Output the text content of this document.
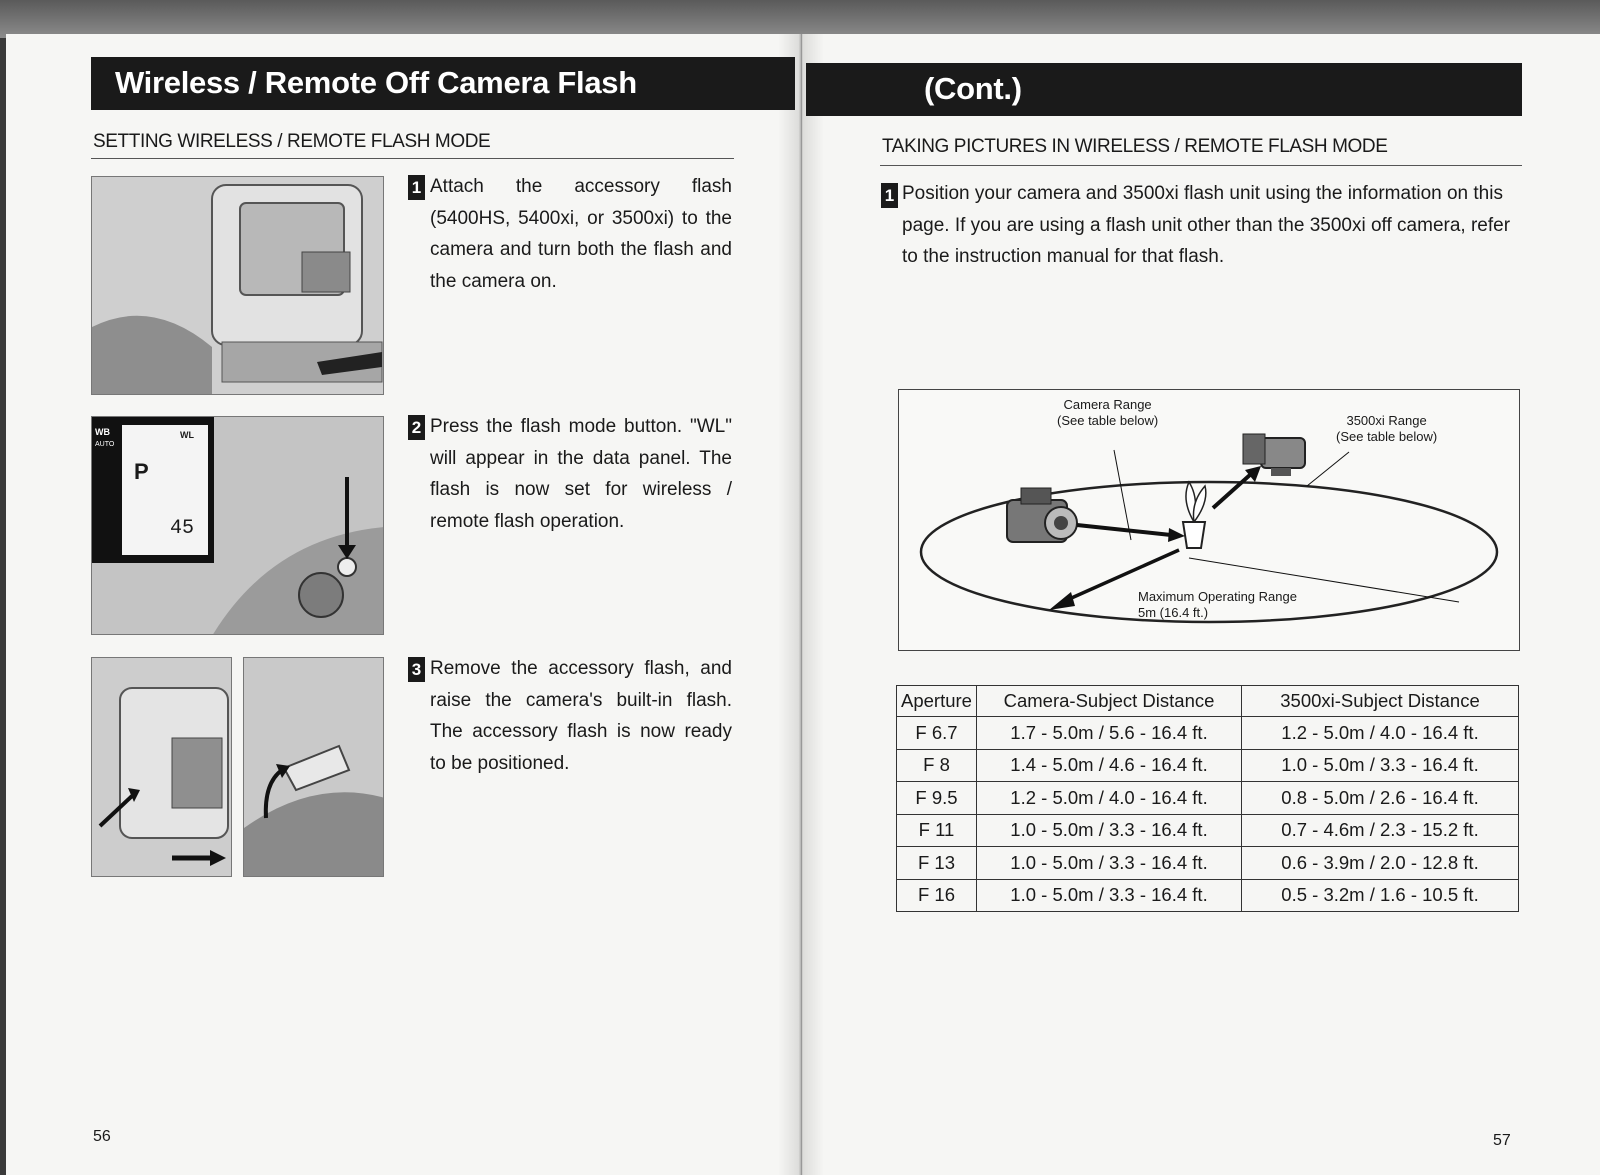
Wireless / Remote Off Camera Flash
SETTING WIRELESS / REMOTE FLASH MODE
WB
AUTO
WL
P
45
1 Attach the accessory flash (5400HS, 5400xi, or 3500xi) to the camera and turn both the flash and the camera on.
2 Press the flash mode button. "WL" will appear in the data panel. The flash is now set for wireless / remote flash operation.
3 Remove the accessory flash, and raise the camera's built-in flash. The accessory flash is now ready to be positioned.
56
(Cont.)
TAKING PICTURES IN WIRELESS / REMOTE FLASH MODE
1 Position your camera and 3500xi flash unit using the information on this page. If you are using a flash unit other than the 3500xi off camera, refer to the instruction manual for that flash.
Camera Range
(See table below)	3500xi Range
(See table below)
Maximum Operating Range
5m (16.4 ft.)
Aperture	Camera-Subject Distance	3500xi-Subject Distance
F 6.7	1.7 - 5.0m / 5.6 - 16.4 ft.	1.2 - 5.0m / 4.0 - 16.4 ft.
F 8	1.4 - 5.0m / 4.6 - 16.4 ft.	1.0 - 5.0m / 3.3 - 16.4 ft.
F 9.5	1.2 - 5.0m / 4.0 - 16.4 ft.	0.8 - 5.0m / 2.6 - 16.4 ft.
F 11	1.0 - 5.0m / 3.3 - 16.4 ft.	0.7 - 4.6m / 2.3 - 15.2 ft.
F 13	1.0 - 5.0m / 3.3 - 16.4 ft.	0.6 - 3.9m / 2.0 - 12.8 ft.
F 16	1.0 - 5.0m / 3.3 - 16.4 ft.	0.5 - 3.2m / 1.6 - 10.5 ft.
57
